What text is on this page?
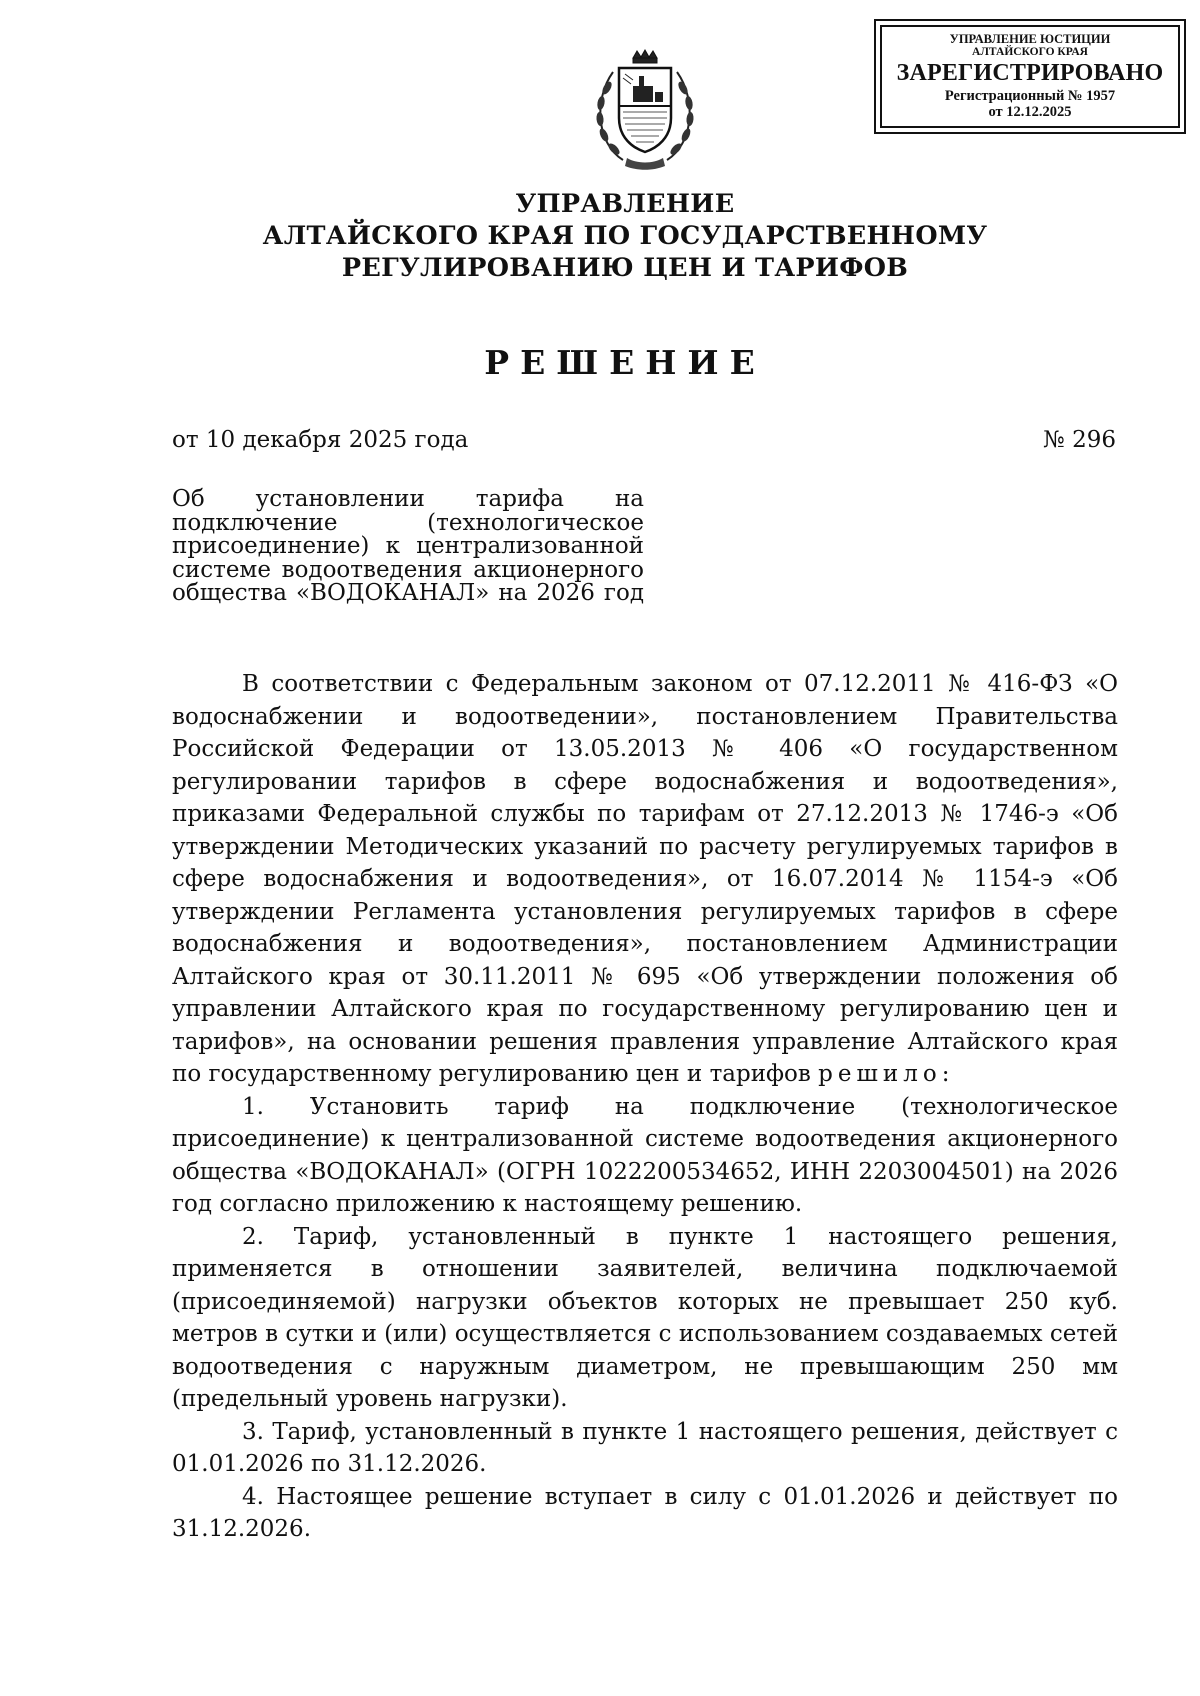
УПРАВЛЕНИЕ ЮСТИЦИИ
АЛТАЙСКОГО КРАЯ
ЗАРЕГИСТРИРОВАНО
Регистрационный № 1957
от 12.12.2025
УПРАВЛЕНИЕ
АЛТАЙСКОГО КРАЯ ПО ГОСУДАРСТВЕННОМУ
РЕГУЛИРОВАНИЮ ЦЕН И ТАРИФОВ
РЕШЕНИЕ
от 10 декабря 2025 года	№ 296
Об установлении тарифа на
подключение (технологическое
присоединение) к централизованной
системе водоотведения акционерного
общества «ВОДОКАНАЛ» на 2026 год

В соответствии с Федеральным законом от 07.12.2011 № 416-ФЗ «О водоснабжении и водоотведении», постановлением Правительства Российской Федерации от 13.05.2013 № 406 «О государственном регулировании тарифов в сфере водоснабжения и водоотведения», приказами Федеральной службы по тарифам от 27.12.2013 № 1746-э «Об утверждении Методических указаний по расчету регулируемых тарифов в сфере водоснабжения и водоотведения», от 16.07.2014 № 1154-э «Об утверждении Регламента установления регулируемых тарифов в сфере водоснабжения и водоотведения», постановлением Администрации Алтайского края от 30.11.2011 № 695 «Об утверждении положения об управлении Алтайского края по государственному регулированию цен и тарифов», на основании решения правления управление Алтайского края по государственному регулированию цен и тарифов решило:

1. Установить тариф на подключение (технологическое присоединение) к централизованной системе водоотведения акционерного общества «ВОДОКАНАЛ» (ОГРН 1022200534652, ИНН 2203004501) на 2026 год согласно приложению к настоящему решению.

2. Тариф, установленный в пункте 1 настоящего решения, применяется в отношении заявителей, величина подключаемой (присоединяемой) нагрузки объектов которых не превышает 250 куб. метров в сутки и (или) осуществляется с использованием создаваемых сетей водоотведения с наружным диаметром, не превышающим 250 мм (предельный уровень нагрузки).

3. Тариф, установленный в пункте 1 настоящего решения, действует с 01.01.2026 по 31.12.2026.

4. Настоящее решение вступает в силу с 01.01.2026 и действует по 31.12.2026.
